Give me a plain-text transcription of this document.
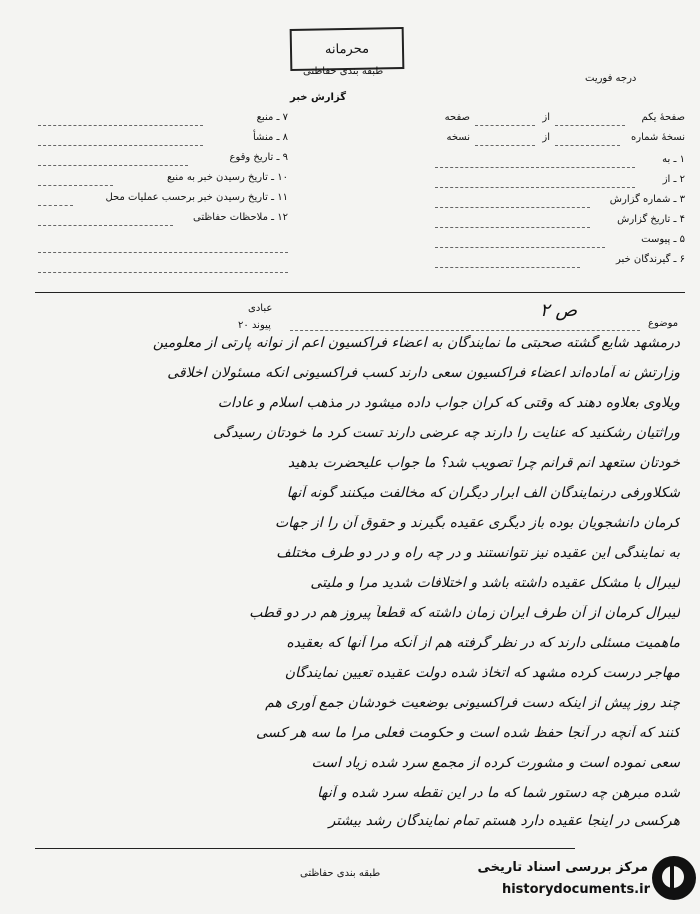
محرمانه
طبقه بندی حفاظتی
درجه فوریت
گزارش خبر
صفحهٔ یکم
از
صفحه
نسخهٔ شماره
از
نسخه
۱ ـ به
۲ ـ از
۳ ـ شماره گزارش
۴ ـ تاریخ گزارش
۵ ـ پیوست
۶ ـ گیرندگان خبر
۷ ـ منبع
۸ ـ منشأ
۹ ـ تاریخ وقوع
۱۰ ـ تاریخ رسیدن خبر به منبع
۱۱ ـ تاریخ رسیدن خبر برحسب عملیات محل
۱۲ ـ ملاحظات حفاظتی
موضوع
عبادی
پیوند ۲۰
ص ۲
درمشهد شایع گشته صحبتی ما نمایندگان به اعضاء فراکسیون اعم از نوانه پارتی از معلومین
وزارتش نه آماده‌اند اعضاء فراکسیون سعی دارند کسب فراکسیونی انکه مسئولان اخلاقی
ویلاوی بعلاوه دهند که وقتی که کران جواب داده میشود در مذهب اسلام و عادات
وراثتیان رشکنید که عنایت را دارند چه عرضی دارند تست کرد ما خودتان رسیدگی
خودتان ستعهد انم قرانم چرا تصویب شد؟ ما جواب علیحضرت بدهید
شکلاورفی درنمایندگان الف ابرار دیگران که مخالفت میکنند گونه آنها
کرمان دانشجویان بوده باز دیگری عقیده بگیرند و حقوق آن را از جهات
به نمایندگی این عقیده نیز نتوانستند و در چه راه و در دو طرف مختلف
لیبرال با مشکل عقیده داشته باشد و اختلافات شدید مرا و ملیتی
لیبرال کرمان از آن طرف ایران زمان داشته که قطعاً پیروز هم در دو قطب
ماهمیت مسئلی دارند که در نظر گرفته هم از آنکه مرا آنها که بعقیده
مهاجر درست کرده مشهد که اتخاذ شده دولت عقیده تعیین نمایندگان
چند روز پیش از اینکه دست فراکسیونی بوضعیت خودشان جمع آوری هم
کنند که آنچه در آنجا حفظ شده است و حکومت فعلی مرا ما سه هر کسی
سعی نموده است و مشورت کرده از مجمع سرد شده زیاد است
شده مبرهن چه دستور شما که ما در این نقطه سرد شده و آنها
هرکسی در اینجا عقیده دارد هستم تمام نمایندگان رشد بیشتر
طبقه بندی حفاظتی	مرکز بررسی اسناد تاریخی
historydocuments.ir
